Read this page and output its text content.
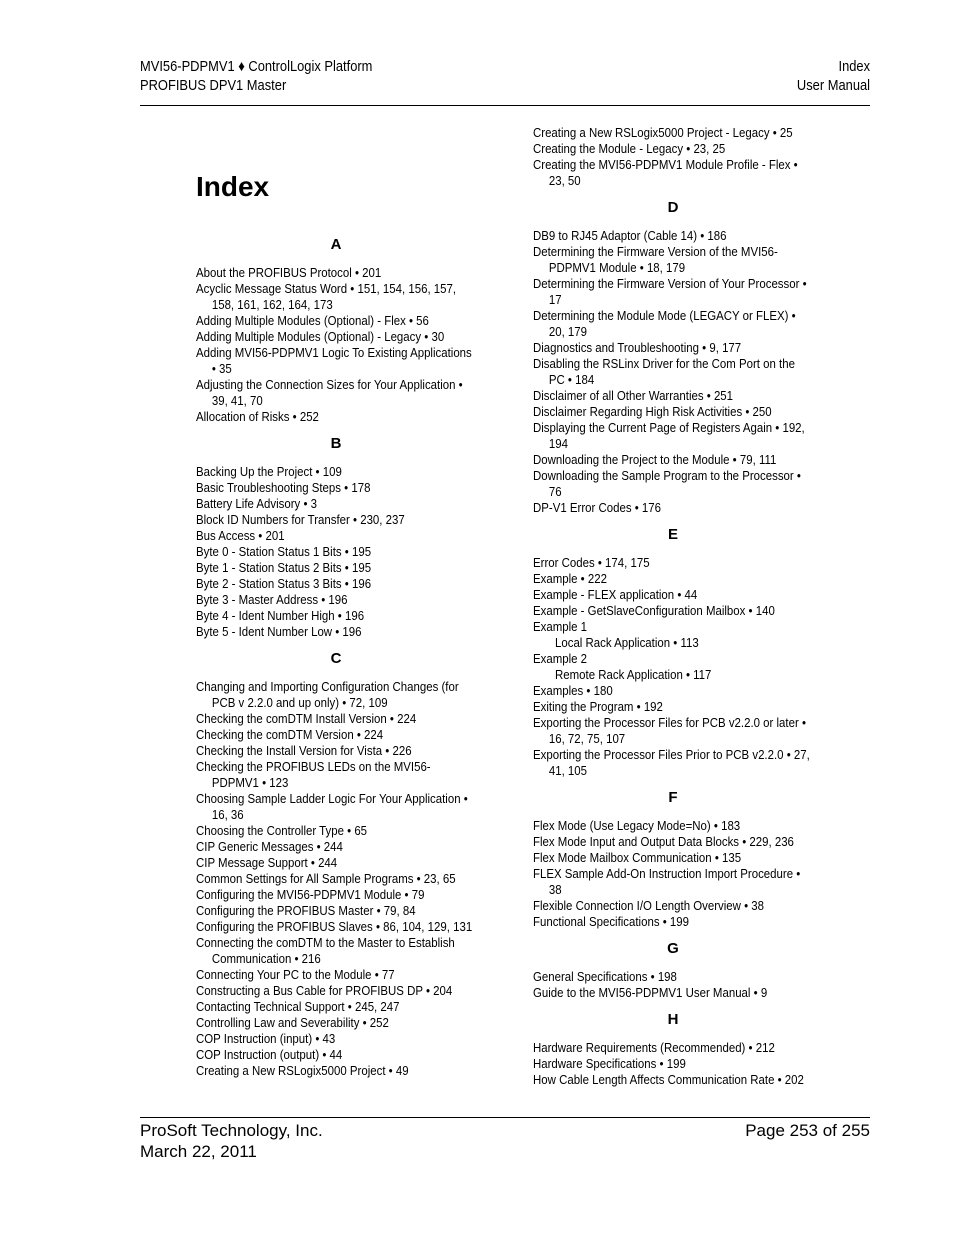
MVI56-PDPMV1 ♦ ControlLogix Platform
PROFIBUS DPV1 Master
Index
User Manual
Index
A
About the PROFIBUS Protocol • 201
Acyclic Message Status Word • 151, 154, 156, 157,
158, 161, 162, 164, 173
Adding Multiple Modules (Optional) - Flex • 56
Adding Multiple Modules (Optional) - Legacy • 30
Adding MVI56-PDPMV1 Logic To Existing Applications
• 35
Adjusting the Connection Sizes for Your Application •
39, 41, 70
Allocation of Risks • 252
B
Backing Up the Project • 109
Basic Troubleshooting Steps • 178
Battery Life Advisory • 3
Block ID Numbers for Transfer • 230, 237
Bus Access • 201
Byte 0 - Station Status 1 Bits • 195
Byte 1 - Station Status 2 Bits • 195
Byte 2 - Station Status 3 Bits • 196
Byte 3 - Master Address • 196
Byte 4 - Ident Number High • 196
Byte 5 - Ident Number Low • 196
C
Changing and Importing Configuration Changes (for
PCB v 2.2.0 and up only) • 72, 109
Checking the comDTM Install Version • 224
Checking the comDTM Version • 224
Checking the Install Version for Vista • 226
Checking the PROFIBUS LEDs on the MVI56-
PDPMV1 • 123
Choosing Sample Ladder Logic For Your Application •
16, 36
Choosing the Controller Type • 65
CIP Generic Messages • 244
CIP Message Support • 244
Common Settings for All Sample Programs • 23, 65
Configuring the MVI56-PDPMV1 Module • 79
Configuring the PROFIBUS Master • 79, 84
Configuring the PROFIBUS Slaves • 86, 104, 129, 131
Connecting the comDTM to the Master to Establish
Communication • 216
Connecting Your PC to the Module • 77
Constructing a Bus Cable for PROFIBUS DP • 204
Contacting Technical Support • 245, 247
Controlling Law and Severability • 252
COP Instruction (input) • 43
COP Instruction (output) • 44
Creating a New RSLogix5000 Project • 49
Creating a New RSLogix5000 Project - Legacy • 25
Creating the Module - Legacy • 23, 25
Creating the MVI56-PDPMV1 Module Profile - Flex •
23, 50
D
DB9 to RJ45 Adaptor (Cable 14) • 186
Determining the Firmware Version of the MVI56-
PDPMV1 Module • 18, 179
Determining the Firmware Version of Your Processor •
17
Determining the Module Mode (LEGACY or FLEX) •
20, 179
Diagnostics and Troubleshooting • 9, 177
Disabling the RSLinx Driver for the Com Port on the
PC • 184
Disclaimer of all Other Warranties • 251
Disclaimer Regarding High Risk Activities • 250
Displaying the Current Page of Registers Again • 192,
194
Downloading the Project to the Module • 79, 111
Downloading the Sample Program to the Processor •
76
DP-V1 Error Codes • 176
E
Error Codes • 174, 175
Example • 222
Example - FLEX application • 44
Example - GetSlaveConfiguration Mailbox • 140
Example 1
Local Rack Application • 113
Example 2
Remote Rack Application • 117
Examples • 180
Exiting the Program • 192
Exporting the Processor Files for PCB v2.2.0 or later •
16, 72, 75, 107
Exporting the Processor Files Prior to PCB v2.2.0 • 27,
41, 105
F
Flex Mode (Use Legacy Mode=No) • 183
Flex Mode Input and Output Data Blocks • 229, 236
Flex Mode Mailbox Communication • 135
FLEX Sample Add-On Instruction Import Procedure •
38
Flexible Connection I/O Length Overview • 38
Functional Specifications • 199
G
General Specifications • 198
Guide to the MVI56-PDPMV1 User Manual • 9
H
Hardware Requirements (Recommended) • 212
Hardware Specifications • 199
How Cable Length Affects Communication Rate • 202
ProSoft Technology, Inc.
March 22, 2011
Page 253 of 255
